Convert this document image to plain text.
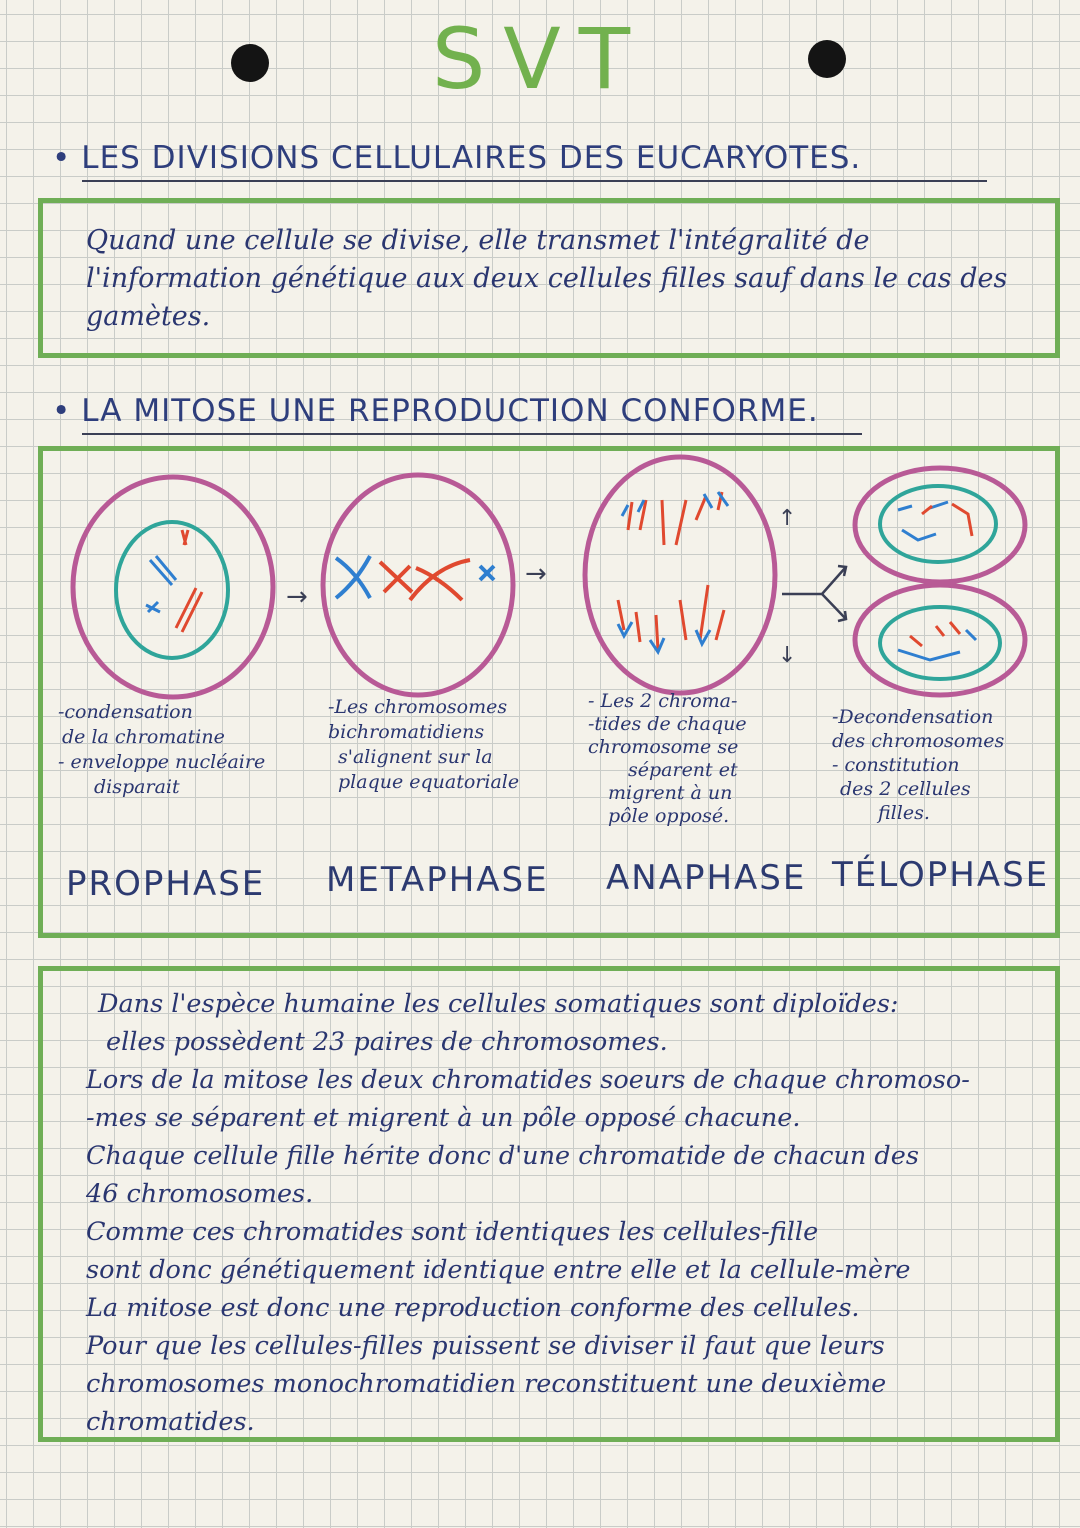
SVT
• LES DIVISIONS CELLULAIRES DES EUCARYOTES.
Quand une cellule se divise, elle transmet l'intégralité de l'information génétique aux deux cellules filles sauf dans le cas des gamètes.
• LA MITOSE UNE REPRODUCTION CONFORME.
→
→
↑
↓
-condensation
de la chromatine
- enveloppe nucléaire
disparait
-Les chromosomes
bichromatidiens
s'alignent sur la
plaque equatoriale
- Les 2 chroma-
-tides de chaque
chromosome se
séparent et
migrent à un
pôle opposé.
-Decondensation
des chromosomes
- constitution
des 2 cellules
filles.
PROPHASE METAPHASE ANAPHASE TÉLOPHASE

Dans l'espèce humaine les cellules somatiques sont diploïdes:

elles possèdent 23 paires de chromosomes.

Lors de la mitose les deux chromatides soeurs de chaque chromoso-

-mes se séparent et migrent à un pôle opposé chacune.

Chaque cellule fille hérite donc d'une chromatide de chacun des

46 chromosomes.

Comme ces chromatides sont identiques les cellules-fille

sont donc génétiquement identique entre elle et la cellule-mère

La mitose est donc une reproduction conforme des cellules.

Pour que les cellules-filles puissent se diviser il faut que leurs

chromosomes monochromatidien reconstituent une deuxième

chromatides.
